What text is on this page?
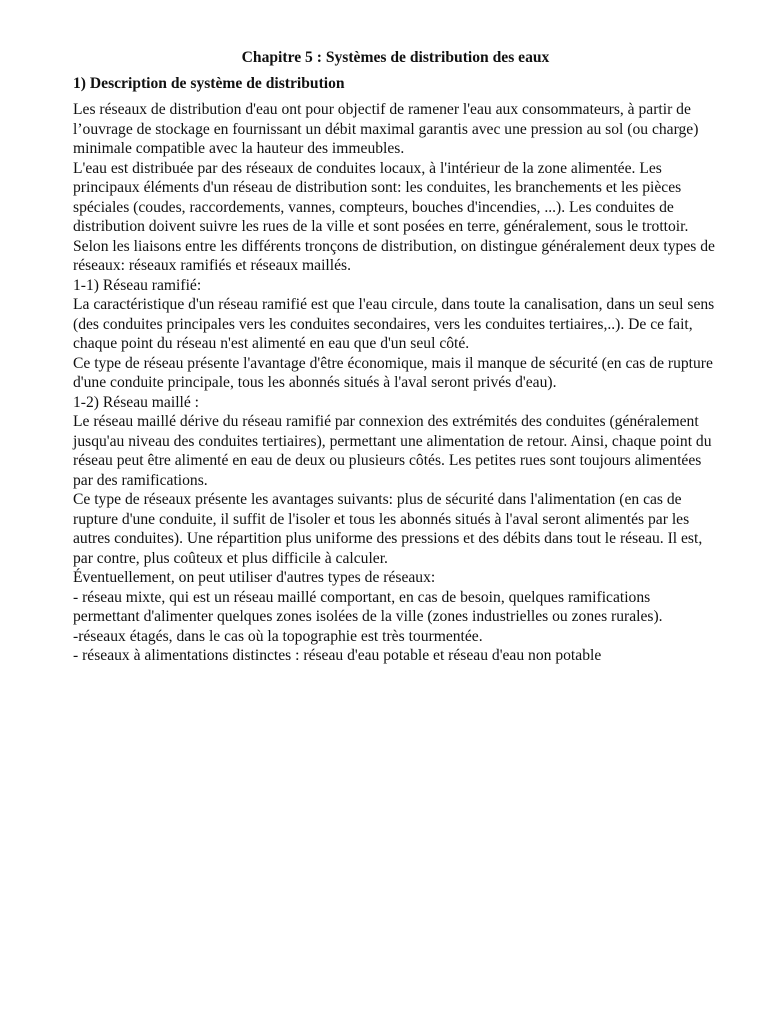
Chapitre 5 : Systèmes de distribution des eaux
1) Description de système de distribution

Les réseaux de distribution d'eau ont pour objectif de ramener l'eau aux consommateurs, à partir de l’ouvrage de stockage en fournissant un débit maximal garantis avec une pression au sol (ou charge) minimale compatible avec la hauteur des immeubles.

L'eau est distribuée par des réseaux de conduites locaux, à l'intérieur de la zone alimentée. Les principaux éléments d'un réseau de distribution sont: les conduites, les branchements et les pièces spéciales (coudes, raccordements, vannes, compteurs, bouches d'incendies, ...). Les conduites de distribution doivent suivre les rues de la ville et sont posées en terre, généralement, sous le trottoir.

Selon les liaisons entre les différents tronçons de distribution, on distingue généralement deux types de réseaux: réseaux ramifiés et réseaux maillés.

1-1) Réseau ramifié:

La caractéristique d'un réseau ramifié est que l'eau circule, dans toute la canalisation, dans un seul sens (des conduites principales vers les conduites secondaires, vers les conduites tertiaires,..). De ce fait, chaque point du réseau n'est alimenté en eau que d'un seul côté.

Ce type de réseau présente l'avantage d'être économique, mais il manque de sécurité (en cas de rupture d'une conduite principale, tous les abonnés situés à l'aval seront privés d'eau).

1-2) Réseau maillé :

Le réseau maillé dérive du réseau ramifié par connexion des extrémités des conduites (généralement jusqu'au niveau des conduites tertiaires), permettant une alimentation de retour. Ainsi, chaque point du réseau peut être alimenté en eau de deux ou plusieurs côtés. Les petites rues sont toujours alimentées par des ramifications.

Ce type de réseaux présente les avantages suivants: plus de sécurité dans l'alimentation (en cas de rupture d'une conduite, il suffit de l'isoler et tous les abonnés situés à l'aval seront alimentés par les autres conduites). Une répartition plus uniforme des pressions et des débits dans tout le réseau. Il est, par contre, plus coûteux et plus difficile à calculer.

Éventuellement, on peut utiliser d'autres types de réseaux:

- réseau mixte, qui est un réseau maillé comportant, en cas de besoin, quelques ramifications permettant d'alimenter quelques zones isolées de la ville (zones industrielles ou zones rurales).

-réseaux étagés, dans le cas où la topographie est très tourmentée.

- réseaux à alimentations distinctes : réseau d'eau potable et réseau d'eau non potable
